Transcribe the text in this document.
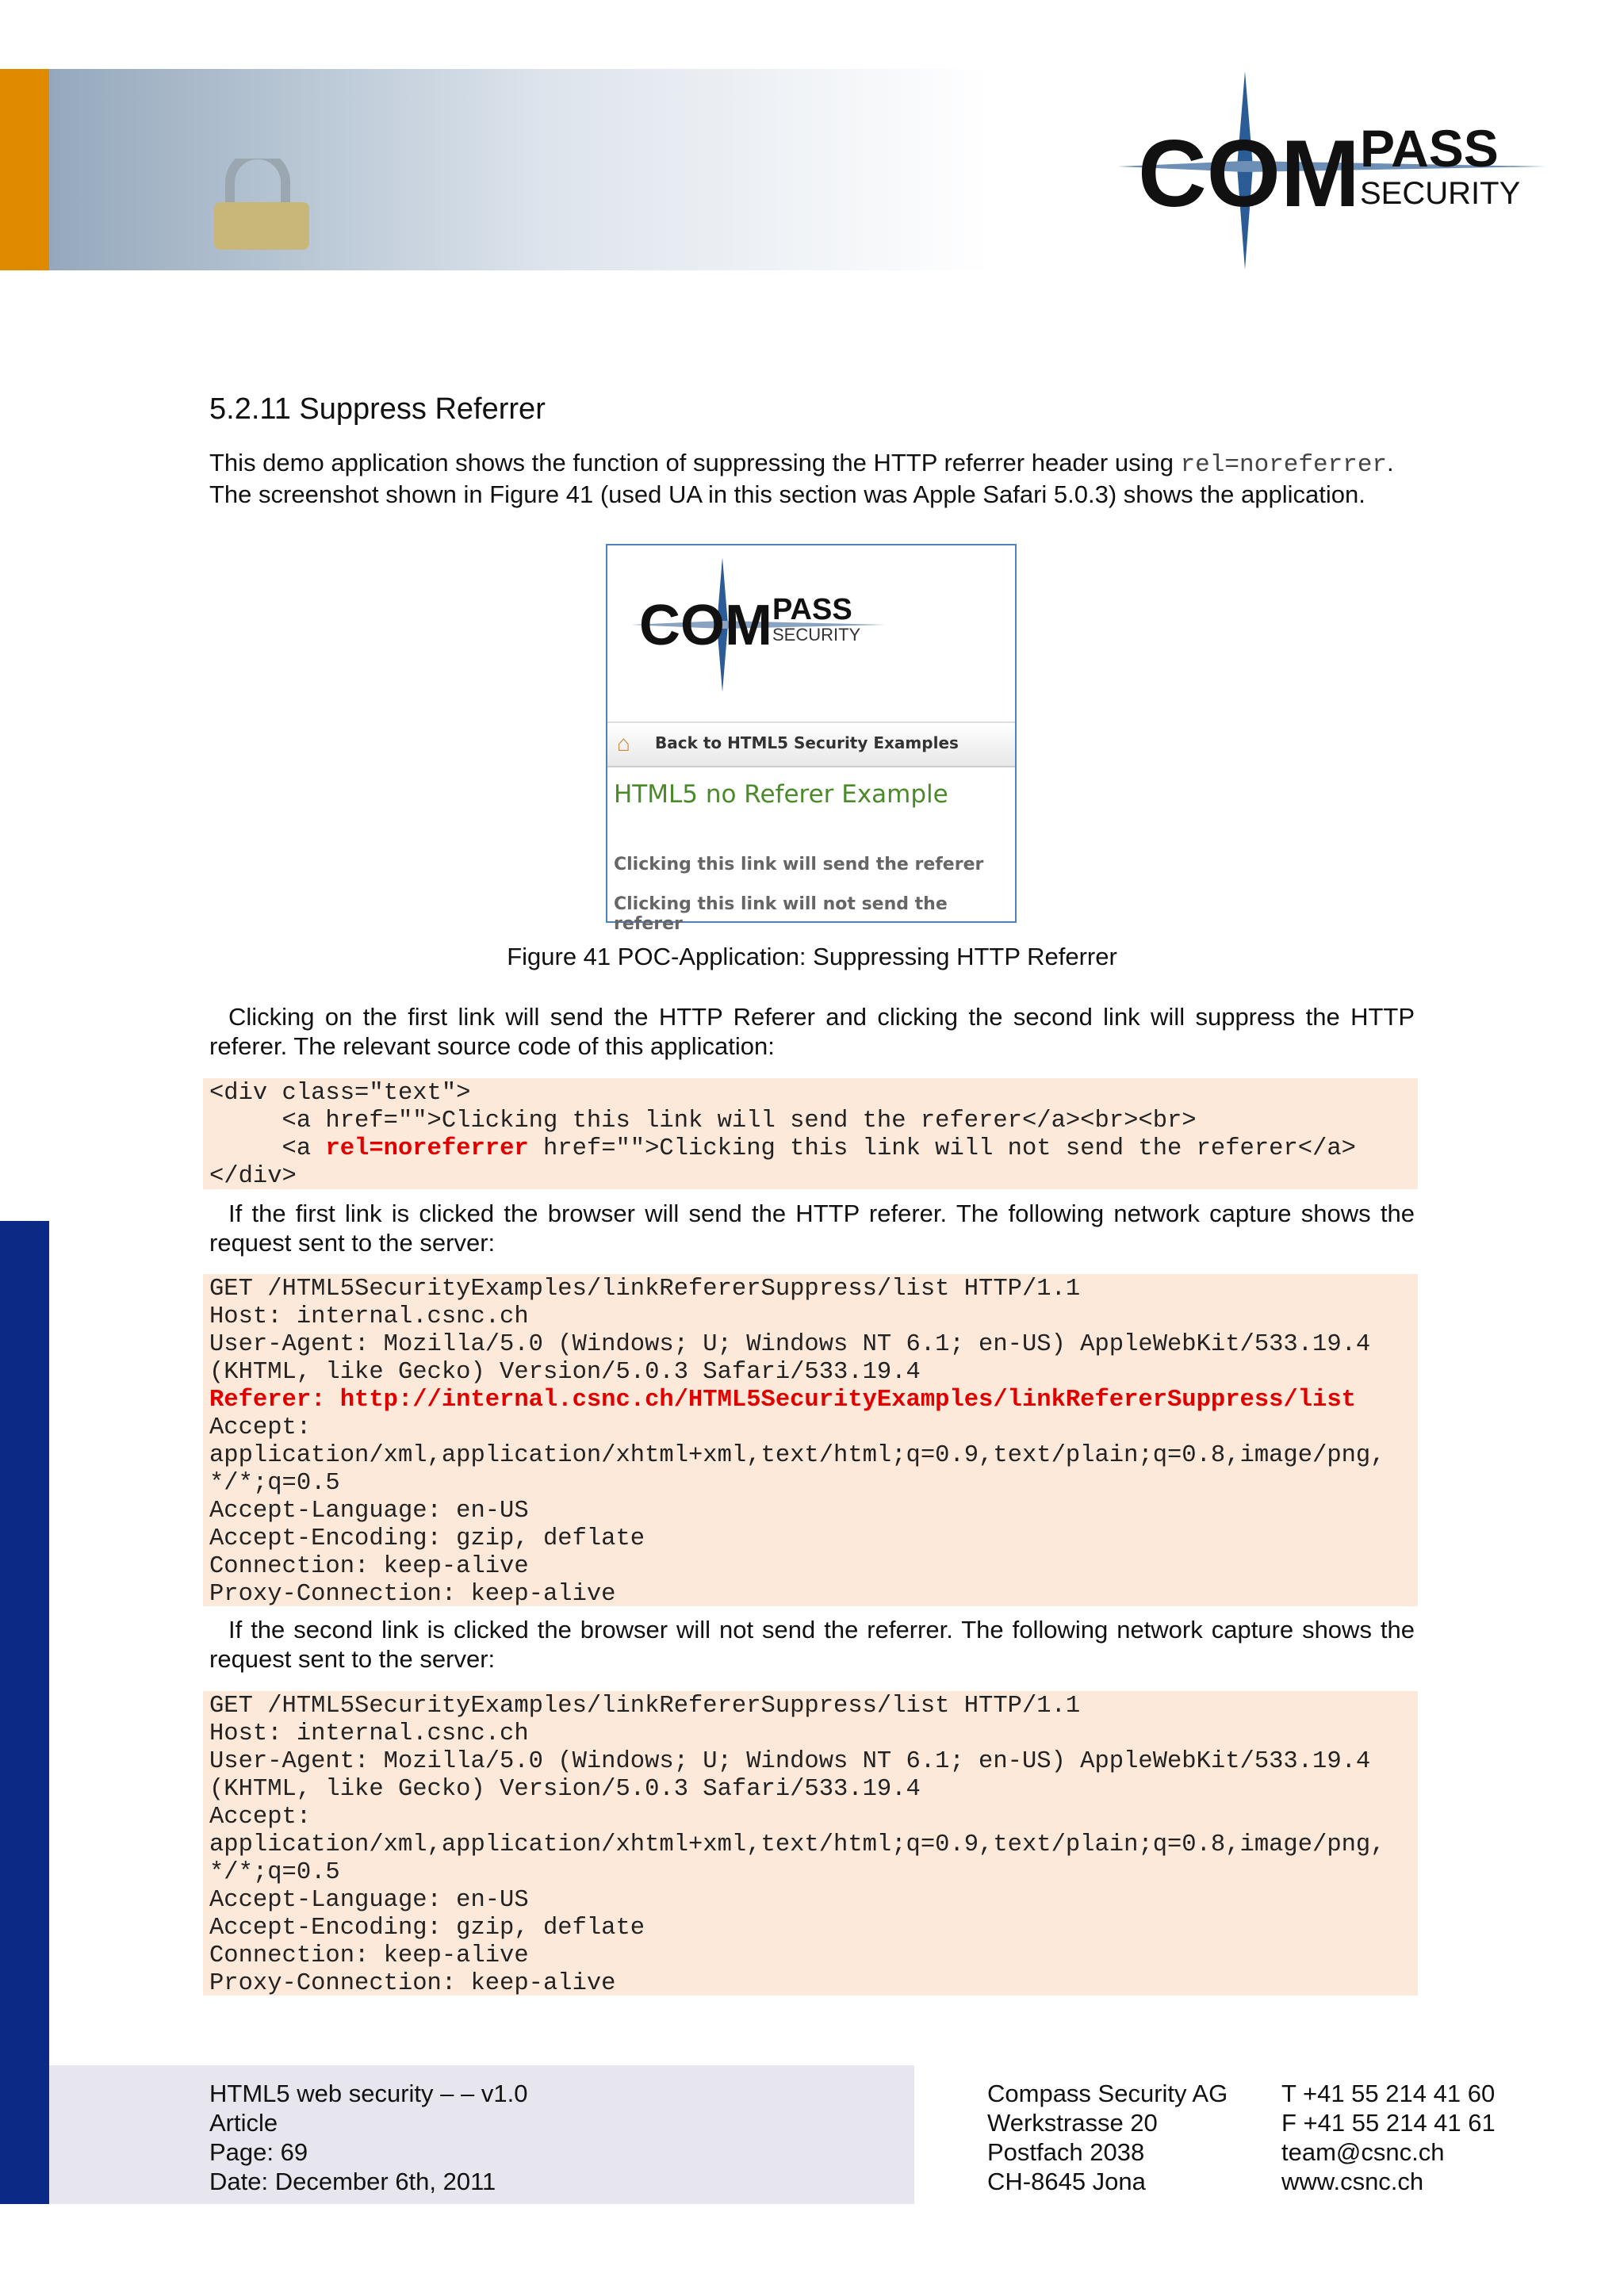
COM PASS
SECURITY
5.2.11 Suppress Referrer
This demo application shows the function of suppressing the HTTP referrer header using rel=noreferrer.
The screenshot shown in Figure 41 (used UA in this section was Apple Safari 5.0.3) shows the application.
COM PASS
SECURITY
⌂ Back to HTML5 Security Examples
HTML5 no Referer Example
Clicking this link will send the referer
Clicking this link will not send the referer
Figure 41 POC-Application: Suppressing HTTP Referrer
Clicking on the first link will send the HTTP Referer and clicking the second link will suppress the HTTP referer. The relevant source code of this application:
<div class="text">
<a href="">Clicking this link will send the referer</a><br><br>
<a rel=noreferrer href="">Clicking this link will not send the referer</a>
</div>
If the first link is clicked the browser will send the HTTP referer. The following network capture shows the request sent to the server:
GET /HTML5SecurityExamples/linkRefererSuppress/list HTTP/1.1
Host: internal.csnc.ch
User-Agent: Mozilla/5.0 (Windows; U; Windows NT 6.1; en-US) AppleWebKit/533.19.4
(KHTML, like Gecko) Version/5.0.3 Safari/533.19.4
Referer: http://internal.csnc.ch/HTML5SecurityExamples/linkRefererSuppress/list
Accept:
application/xml,application/xhtml+xml,text/html;q=0.9,text/plain;q=0.8,image/png,
*/*;q=0.5
Accept-Language: en-US
Accept-Encoding: gzip, deflate
Connection: keep-alive
Proxy-Connection: keep-alive
If the second link is clicked the browser will not send the referrer. The following network capture shows the request sent to the server:
GET /HTML5SecurityExamples/linkRefererSuppress/list HTTP/1.1
Host: internal.csnc.ch
User-Agent: Mozilla/5.0 (Windows; U; Windows NT 6.1; en-US) AppleWebKit/533.19.4
(KHTML, like Gecko) Version/5.0.3 Safari/533.19.4
Accept:
application/xml,application/xhtml+xml,text/html;q=0.9,text/plain;q=0.8,image/png,
*/*;q=0.5
Accept-Language: en-US
Accept-Encoding: gzip, deflate
Connection: keep-alive
Proxy-Connection: keep-alive
HTML5 web security – – v1.0
Article
Page: 69
Date: December 6th, 2011
Compass Security AG
Werkstrasse 20
Postfach 2038
CH-8645 Jona
T +41 55 214 41 60
F +41 55 214 41 61
team@csnc.ch
www.csnc.ch
